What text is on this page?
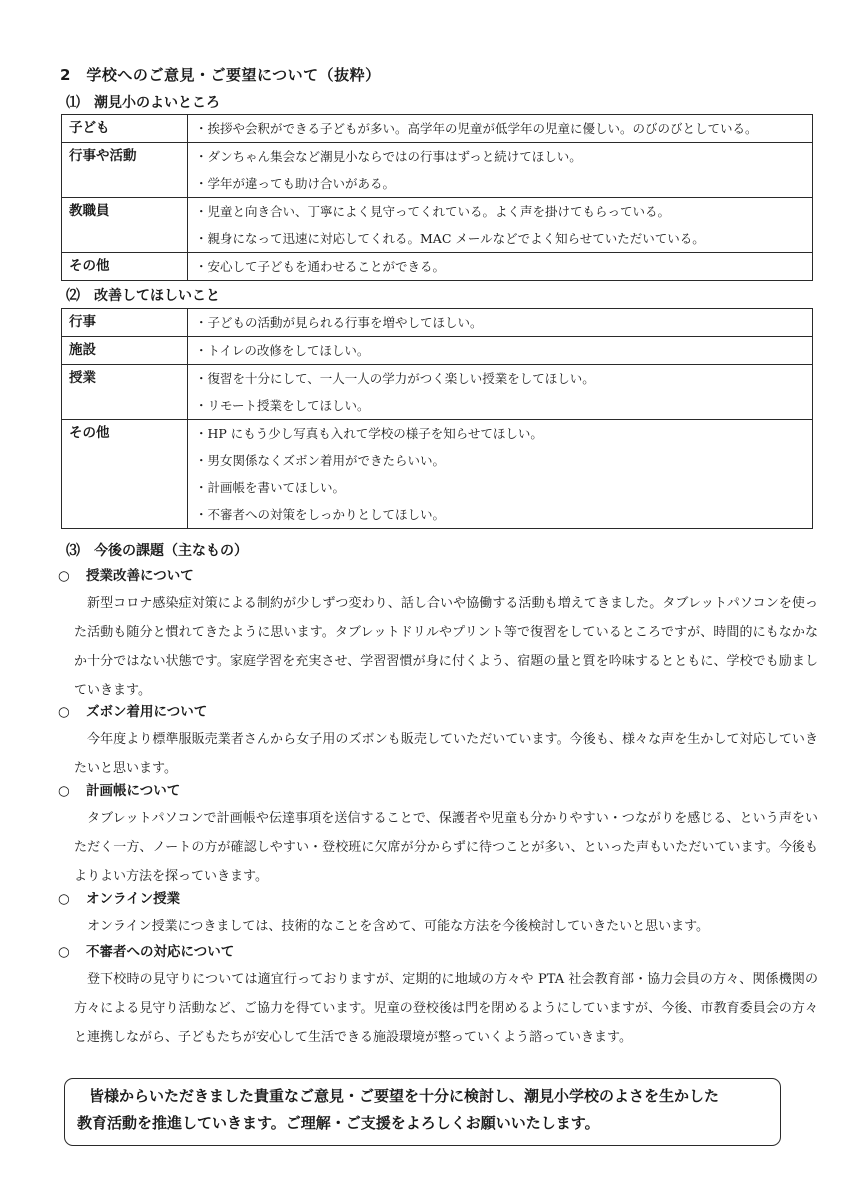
2　学校へのご意見・ご要望について（抜粋）
⑴　潮見小のよいところ
子ども	・挨拶や会釈ができる子どもが多い。高学年の児童が低学年の児童に優しい。のびのびとしている。

行事や活動	・ダンちゃん集会など潮見小ならではの行事はずっと続けてほしい。
・学年が違っても助け合いがある。

教職員	・児童と向き合い、丁寧によく見守ってくれている。よく声を掛けてもらっている。
・親身になって迅速に対応してくれる。MAC メールなどでよく知らせていただいている。

その他	・安心して子どもを通わせることができる。
⑵　改善してほしいこと
行事	・子どもの活動が見られる行事を増やしてほしい。

施設	・トイレの改修をしてほしい。

授業	・復習を十分にして、一人一人の学力がつく楽しい授業をしてほしい。
・リモート授業をしてほしい。

その他	・HP にもう少し写真も入れて学校の様子を知らせてほしい。
・男女関係なくズボン着用ができたらいい。
・計画帳を書いてほしい。
・不審者への対策をしっかりとしてほしい。
⑶　今後の課題（主なもの）
○ 授業改善について
新型コロナ感染症対策による制約が少しずつ変わり、話し合いや協働する活動も増えてきました。タブレットパソコンを使った活動も随分と慣れてきたように思います。タブレットドリルやプリント等で復習をしているところですが、時間的にもなかなか十分ではない状態です。家庭学習を充実させ、学習習慣が身に付くよう、宿題の量と質を吟味するとともに、学校でも励ましていきます。
○ ズボン着用について
今年度より標準服販売業者さんから女子用のズボンも販売していただいています。今後も、様々な声を生かして対応していきたいと思います。
○ 計画帳について
タブレットパソコンで計画帳や伝達事項を送信することで、保護者や児童も分かりやすい・つながりを感じる、という声をいただく一方、ノートの方が確認しやすい・登校班に欠席が分からずに待つことが多い、といった声もいただいています。今後もよりよい方法を探っていきます。
○ オンライン授業
オンライン授業につきましては、技術的なことを含めて、可能な方法を今後検討していきたいと思います。
○ 不審者への対応について
登下校時の見守りについては適宜行っておりますが、定期的に地域の方々や PTA 社会教育部・協力会員の方々、関係機関の方々による見守り活動など、ご協力を得ています。児童の登校後は門を閉めるようにしていますが、今後、市教育委員会の方々と連携しながら、子どもたちが安心して生活できる施設環境が整っていくよう諮っていきます。
皆様からいただきました貴重なご意見・ご要望を十分に検討し、潮見小学校のよさを生かした
教育活動を推進していきます。ご理解・ご支援をよろしくお願いいたします。
